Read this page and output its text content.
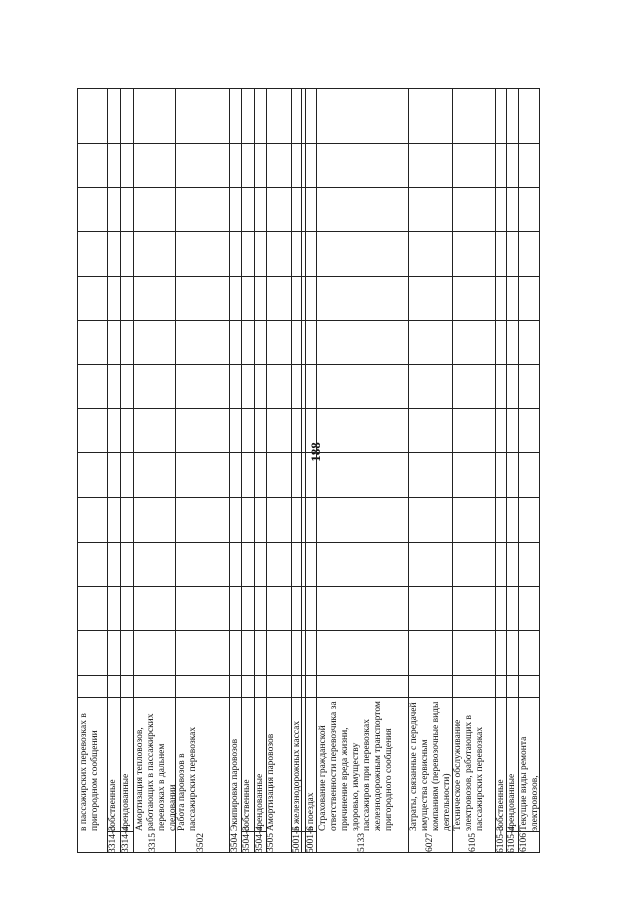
188
в пассажирских перевозках в пригородном сообщении
3314-3
собственные
3314-4
арендованные
3315
Амортизация тепловозов, работающих в пассажирских перевозках в дальнем следовании
3502
Работа паровозов в пассажирских перевозках
3504
Экипировка паровозов
3504-3
собственные
3504-4
арендованные
3505
Амортизация паровозов
5001-5
в железнодорожных кассах
5001-6
в поездах
5133
Страхование гражданской ответственности перевозчика за причинение вреда жизни, здоровью, имуществу пассажиров при перевозках железнодорожным транспортом пригородного сообщения
6027
Затраты, связанные с передачей имущества сервисным компаниям (перевозочные виды деятельности)
6105
Техническое обслуживание электровозов, работающих в пассажирских перевозках
6105-3
собственные
6105-4
арендованные
6106
Текущие виды ремонта электровозов,
